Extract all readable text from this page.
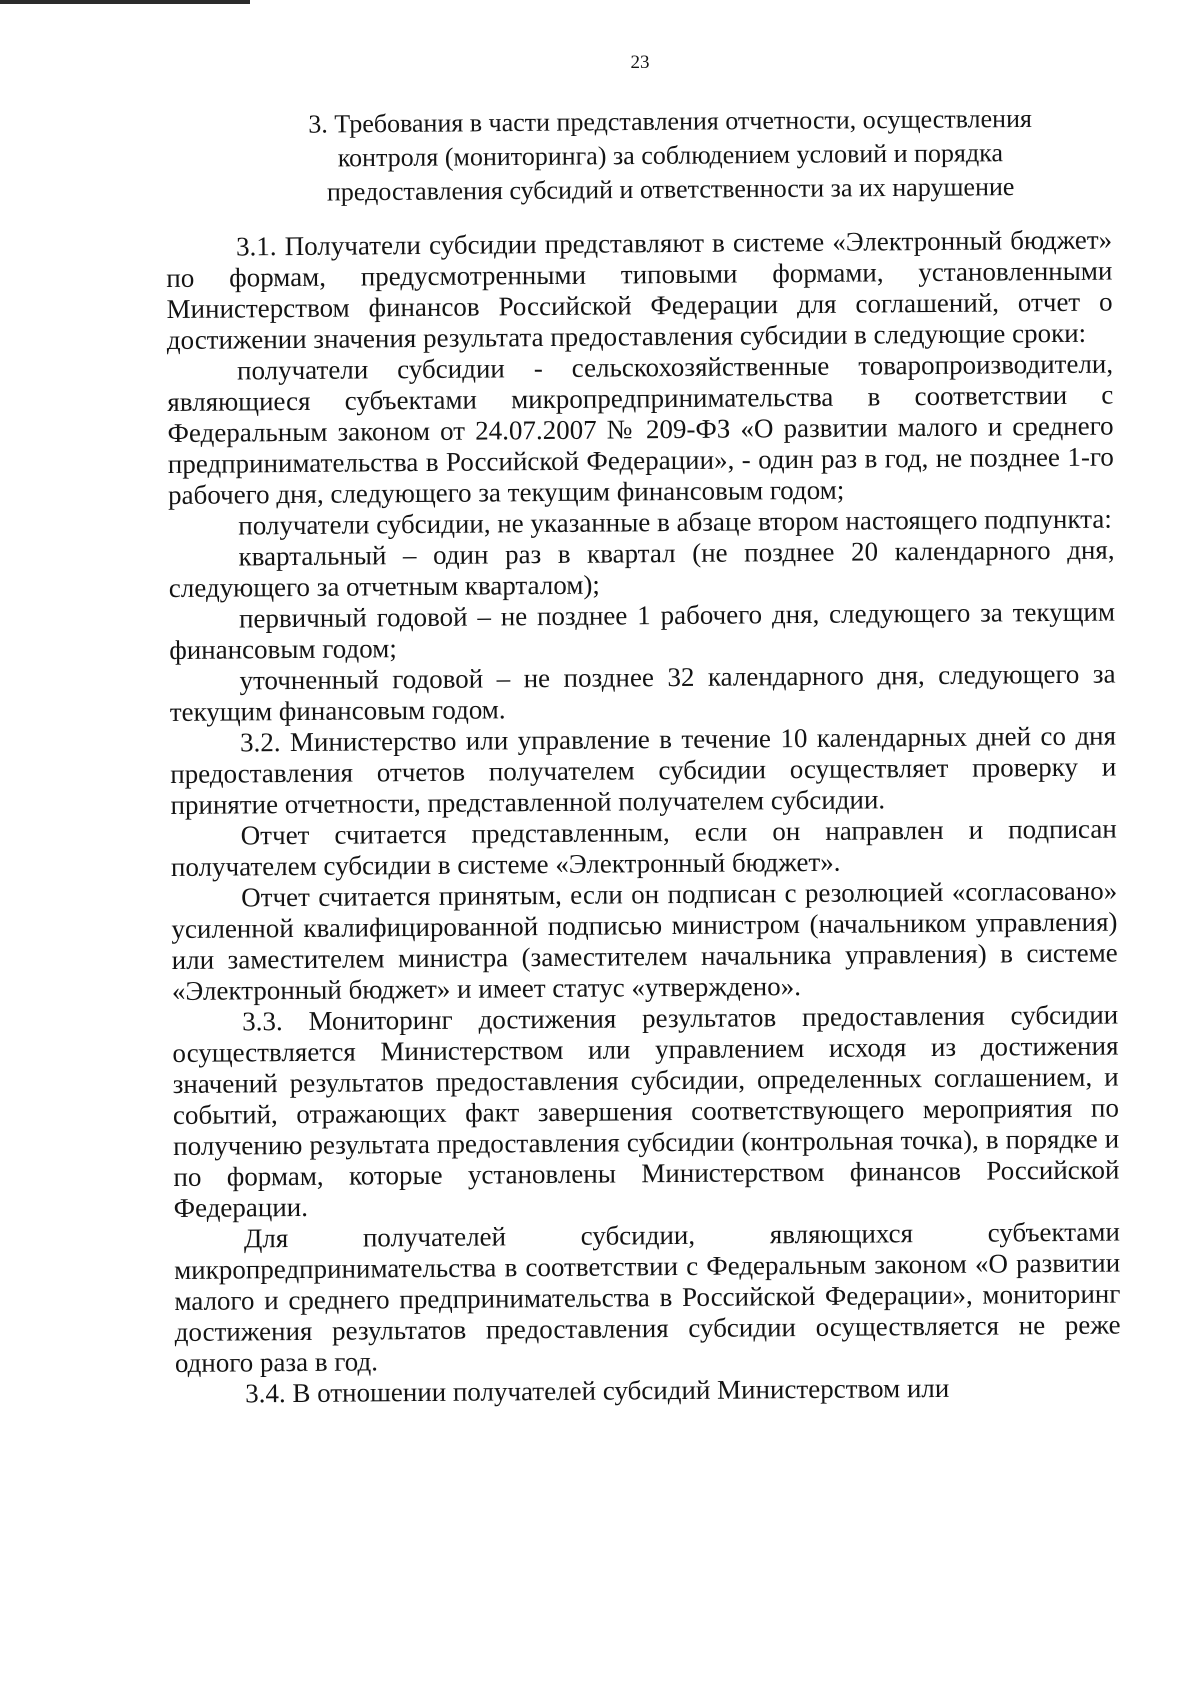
23
3. Требования в части представления отчетности, осуществления
контроля (мониторинга) за соблюдением условий и порядка
предоставления субсидий и ответственности за их нарушение

3.1. Получатели субсидии представляют в системе «Электронный бюджет» по формам, предусмотренными типовыми формами, установленными Министерством финансов Российской Федерации для соглашений, отчет о достижении значения результата предоставления субсидии в следующие сроки:

получатели субсидии - сельскохозяйственные товаропроизводители, являющиеся субъектами микропредпринимательства в соответствии с Федеральным законом от 24.07.2007 № 209-ФЗ «О развитии малого и среднего предпринимательства в Российской Федерации», - один раз в год, не позднее 1-го рабочего дня, следующего за текущим финансовым годом;

получатели субсидии, не указанные в абзаце втором настоящего подпункта:

квартальный – один раз в квартал (не позднее 20 календарного дня, следующего за отчетным кварталом);

первичный годовой – не позднее 1 рабочего дня, следующего за текущим финансовым годом;

уточненный годовой – не позднее 32 календарного дня, следующего за текущим финансовым годом.

3.2. Министерство или управление в течение 10 календарных дней со дня предоставления отчетов получателем субсидии осуществляет проверку и принятие отчетности, представленной получателем субсидии.

Отчет считается представленным, если он направлен и подписан получателем субсидии в системе «Электронный бюджет».

Отчет считается принятым, если он подписан с резолюцией «согласовано» усиленной квалифицированной подписью министром (начальником управления) или заместителем министра (заместителем начальника управления) в системе «Электронный бюджет» и имеет статус «утверждено».

3.3. Мониторинг достижения результатов предоставления субсидии осуществляется Министерством или управлением исходя из достижения значений результатов предоставления субсидии, определенных соглашением, и событий, отражающих факт завершения соответствующего мероприятия по получению результата предоставления субсидии (контрольная точка), в порядке и по формам, которые установлены Министерством финансов Российской Федерации.

Для получателей субсидии, являющихся субъектами микропредпринимательства в соответствии с Федеральным законом «О развитии малого и среднего предпринимательства в Российской Федерации», мониторинг достижения результатов предоставления субсидии осуществляется не реже одного раза в год.

3.4. В отношении получателей субсидий Министерством или
